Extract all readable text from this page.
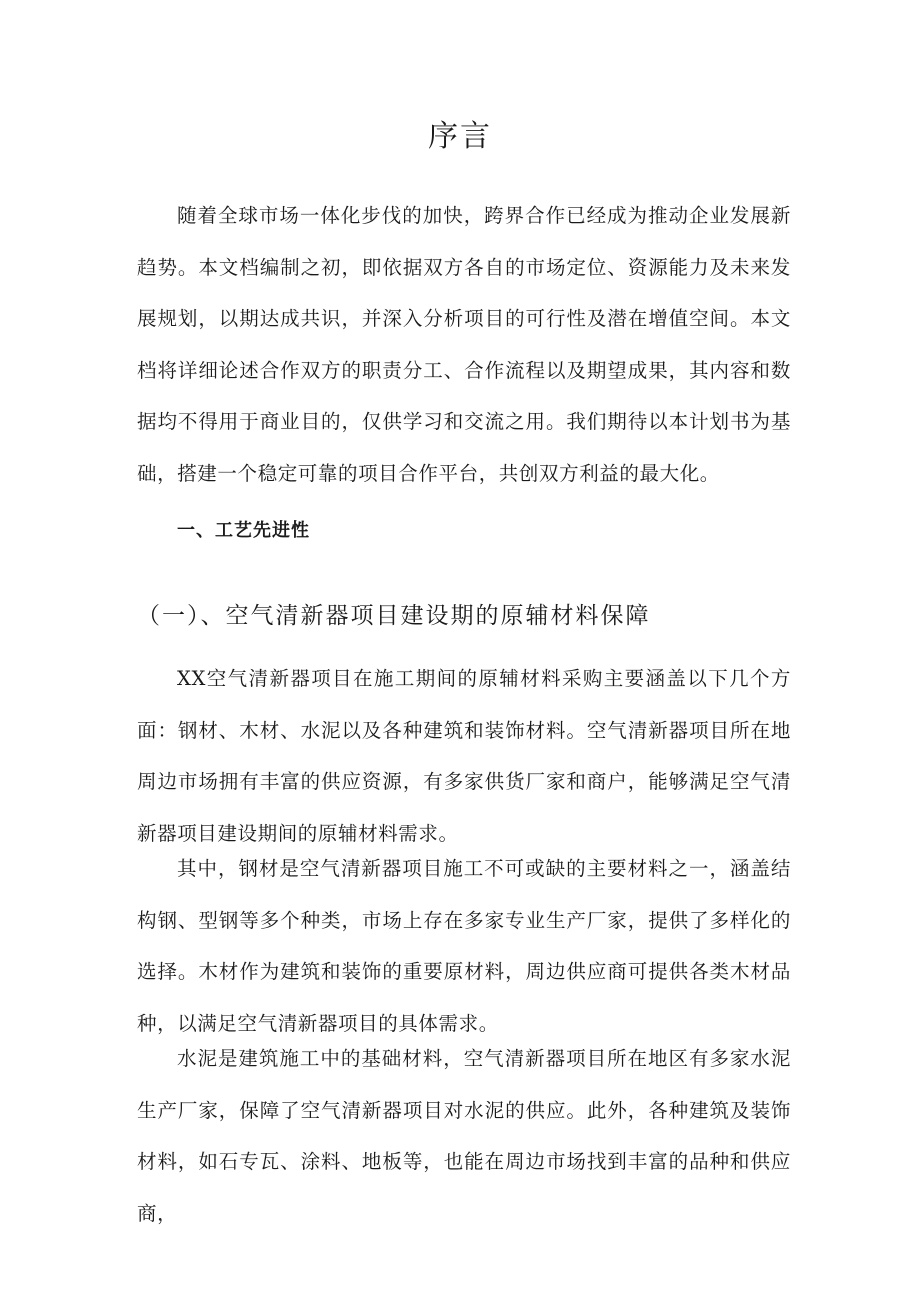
序言

随着全球市场一体化步伐的加快，跨界合作已经成为推动企业发展新趋势。本文档编制之初，即依据双方各自的市场定位、资源能力及未来发展规划，以期达成共识，并深入分析项目的可行性及潜在增值空间。本文档将详细论述合作双方的职责分工、合作流程以及期望成果，其内容和数据均不得用于商业目的，仅供学习和交流之用。我们期待以本计划书为基础，搭建一个稳定可靠的项目合作平台，共创双方利益的最大化。

一、工艺先进性
（一）、空气清新器项目建设期的原辅材料保障

XX空气清新器项目在施工期间的原辅材料采购主要涵盖以下几个方面：钢材、木材、水泥以及各种建筑和装饰材料。空气清新器项目所在地周边市场拥有丰富的供应资源，有多家供货厂家和商户，能够满足空气清新器项目建设期间的原辅材料需求。

其中，钢材是空气清新器项目施工不可或缺的主要材料之一，涵盖结构钢、型钢等多个种类，市场上存在多家专业生产厂家，提供了多样化的选择。木材作为建筑和装饰的重要原材料，周边供应商可提供各类木材品种，以满足空气清新器项目的具体需求。

水泥是建筑施工中的基础材料，空气清新器项目所在地区有多家水泥生产厂家，保障了空气清新器项目对水泥的供应。此外，各种建筑及装饰材料，如石专瓦、涂料、地板等，也能在周边市场找到丰富的品种和供应商，
